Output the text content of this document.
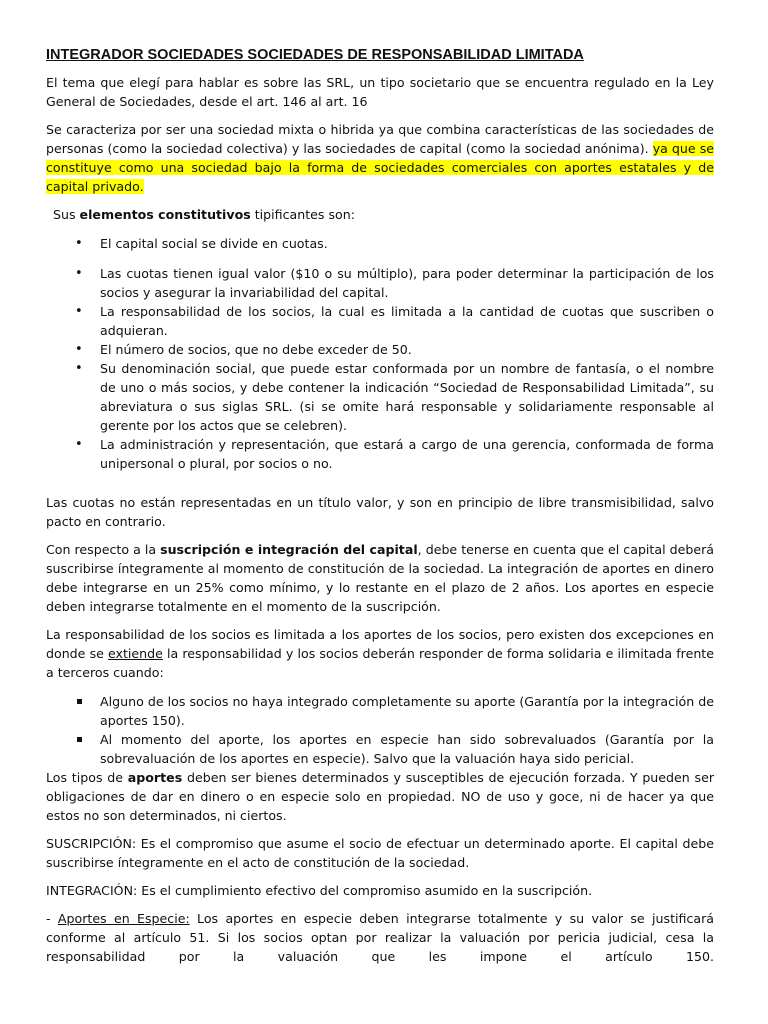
INTEGRADOR SOCIEDADES SOCIEDADES DE RESPONSABILIDAD LIMITADA

El tema que elegí para hablar es sobre las SRL, un tipo societario que se encuentra regulado en la Ley General de Sociedades, desde el art. 146 al art. 16

Se caracteriza por ser una sociedad mixta o hibrida ya que combina características de las sociedades de personas (como la sociedad colectiva) y las sociedades de capital (como la sociedad anónima). ya que se constituye como una sociedad bajo la forma de sociedades comerciales con aportes estatales y de capital privado.

Sus elementos constitutivos tipificantes son:

• El capital social se divide en cuotas.
• Las cuotas tienen igual valor ($10 o su múltiplo), para poder determinar la participación de los socios y asegurar la invariabilidad del capital.
• La responsabilidad de los socios, la cual es limitada a la cantidad de cuotas que suscriben o adquieran.
• El número de socios, que no debe exceder de 50.
• Su denominación social, que puede estar conformada por un nombre de fantasía, o el nombre de uno o más socios, y debe contener la indicación “Sociedad de Responsabilidad Limitada”, su abreviatura o sus siglas SRL. (si se omite hará responsable y solidariamente responsable al gerente por los actos que se celebren).
• La administración y representación, que estará a cargo de una gerencia, conformada de forma unipersonal o plural, por socios o no.

Las cuotas no están representadas en un título valor, y son en principio de libre transmisibilidad, salvo pacto en contrario.

Con respecto a la suscripción e integración del capital, debe tenerse en cuenta que el capital deberá suscribirse íntegramente al momento de constitución de la sociedad. La integración de aportes en dinero debe integrarse en un 25% como mínimo, y lo restante en el plazo de 2 años. Los aportes en especie deben integrarse totalmente en el momento de la suscripción.

La responsabilidad de los socios es limitada a los aportes de los socios, pero existen dos excepciones en donde se extiende la responsabilidad y los socios deberán responder de forma solidaria e ilimitada frente a terceros cuando:

Alguno de los socios no haya integrado completamente su aporte (Garantía por la integración de aportes 150).
Al momento del aporte, los aportes en especie han sido sobrevaluados (Garantía por la sobrevaluación de los aportes en especie). Salvo que la valuación haya sido pericial.

Los tipos de aportes deben ser bienes determinados y susceptibles de ejecución forzada. Y pueden ser obligaciones de dar en dinero o en especie solo en propiedad. NO de uso y goce, ni de hacer ya que estos no son determinados, ni ciertos.

SUSCRIPCIÓN: Es el compromiso que asume el socio de efectuar un determinado aporte. El capital debe suscribirse íntegramente en el acto de constitución de la sociedad.

INTEGRACIÓN: Es el cumplimiento efectivo del compromiso asumido en la suscripción.

- Aportes en Especie: Los aportes en especie deben integrarse totalmente y su valor se justificará conforme al artículo 51. Si los socios optan por realizar la valuación por pericia judicial, cesa la responsabilidad por la valuación que les impone el artículo 150.
